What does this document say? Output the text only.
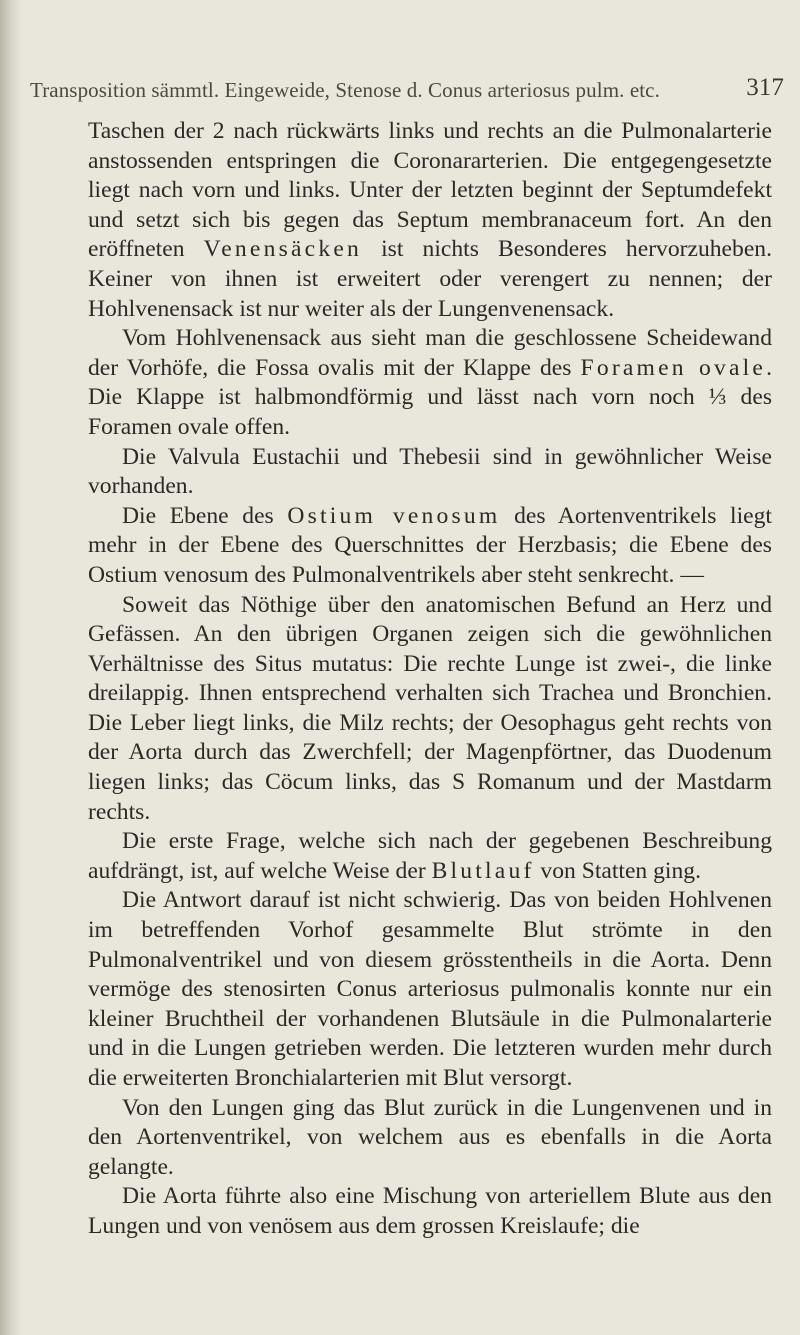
Transposition sämmtl. Eingeweide, Stenose d. Conus arteriosus pulm. etc.	317

Taschen der 2 nach rückwärts links und rechts an die Pulmonalarterie anstossenden entspringen die Coronararterien. Die entgegengesetzte liegt nach vorn und links. Unter der letzten beginnt der Septumdefekt und setzt sich bis gegen das Septum membranaceum fort. An den eröffneten Venensäcken ist nichts Besonderes hervorzuheben. Keiner von ihnen ist erweitert oder verengert zu nennen; der Hohlvenensack ist nur weiter als der Lungenvenensack.

Vom Hohlvenensack aus sieht man die geschlossene Scheidewand der Vorhöfe, die Fossa ovalis mit der Klappe des Foramen ovale. Die Klappe ist halbmondförmig und lässt nach vorn noch ⅓ des Foramen ovale offen.

Die Valvula Eustachii und Thebesii sind in gewöhnlicher Weise vorhanden.

Die Ebene des Ostium venosum des Aortenventrikels liegt mehr in der Ebene des Querschnittes der Herzbasis; die Ebene des Ostium venosum des Pulmonalventrikels aber steht senkrecht. —

Soweit das Nöthige über den anatomischen Befund an Herz und Gefässen. An den übrigen Organen zeigen sich die gewöhnlichen Verhältnisse des Situs mutatus: Die rechte Lunge ist zwei-, die linke dreilappig. Ihnen entsprechend verhalten sich Trachea und Bronchien. Die Leber liegt links, die Milz rechts; der Oesophagus geht rechts von der Aorta durch das Zwerchfell; der Magenpförtner, das Duodenum liegen links; das Cöcum links, das S Romanum und der Mastdarm rechts.

Die erste Frage, welche sich nach der gegebenen Beschreibung aufdrängt, ist, auf welche Weise der Blutlauf von Statten ging.

Die Antwort darauf ist nicht schwierig. Das von beiden Hohlvenen im betreffenden Vorhof gesammelte Blut strömte in den Pulmonalventrikel und von diesem grösstentheils in die Aorta. Denn vermöge des stenosirten Conus arteriosus pulmonalis konnte nur ein kleiner Bruchtheil der vorhandenen Blutsäule in die Pulmonalarterie und in die Lungen getrieben werden. Die letzteren wurden mehr durch die erweiterten Bronchialarterien mit Blut versorgt.

Von den Lungen ging das Blut zurück in die Lungenvenen und in den Aortenventrikel, von welchem aus es ebenfalls in die Aorta gelangte.

Die Aorta führte also eine Mischung von arteriellem Blute aus den Lungen und von venösem aus dem grossen Kreislaufe; die
